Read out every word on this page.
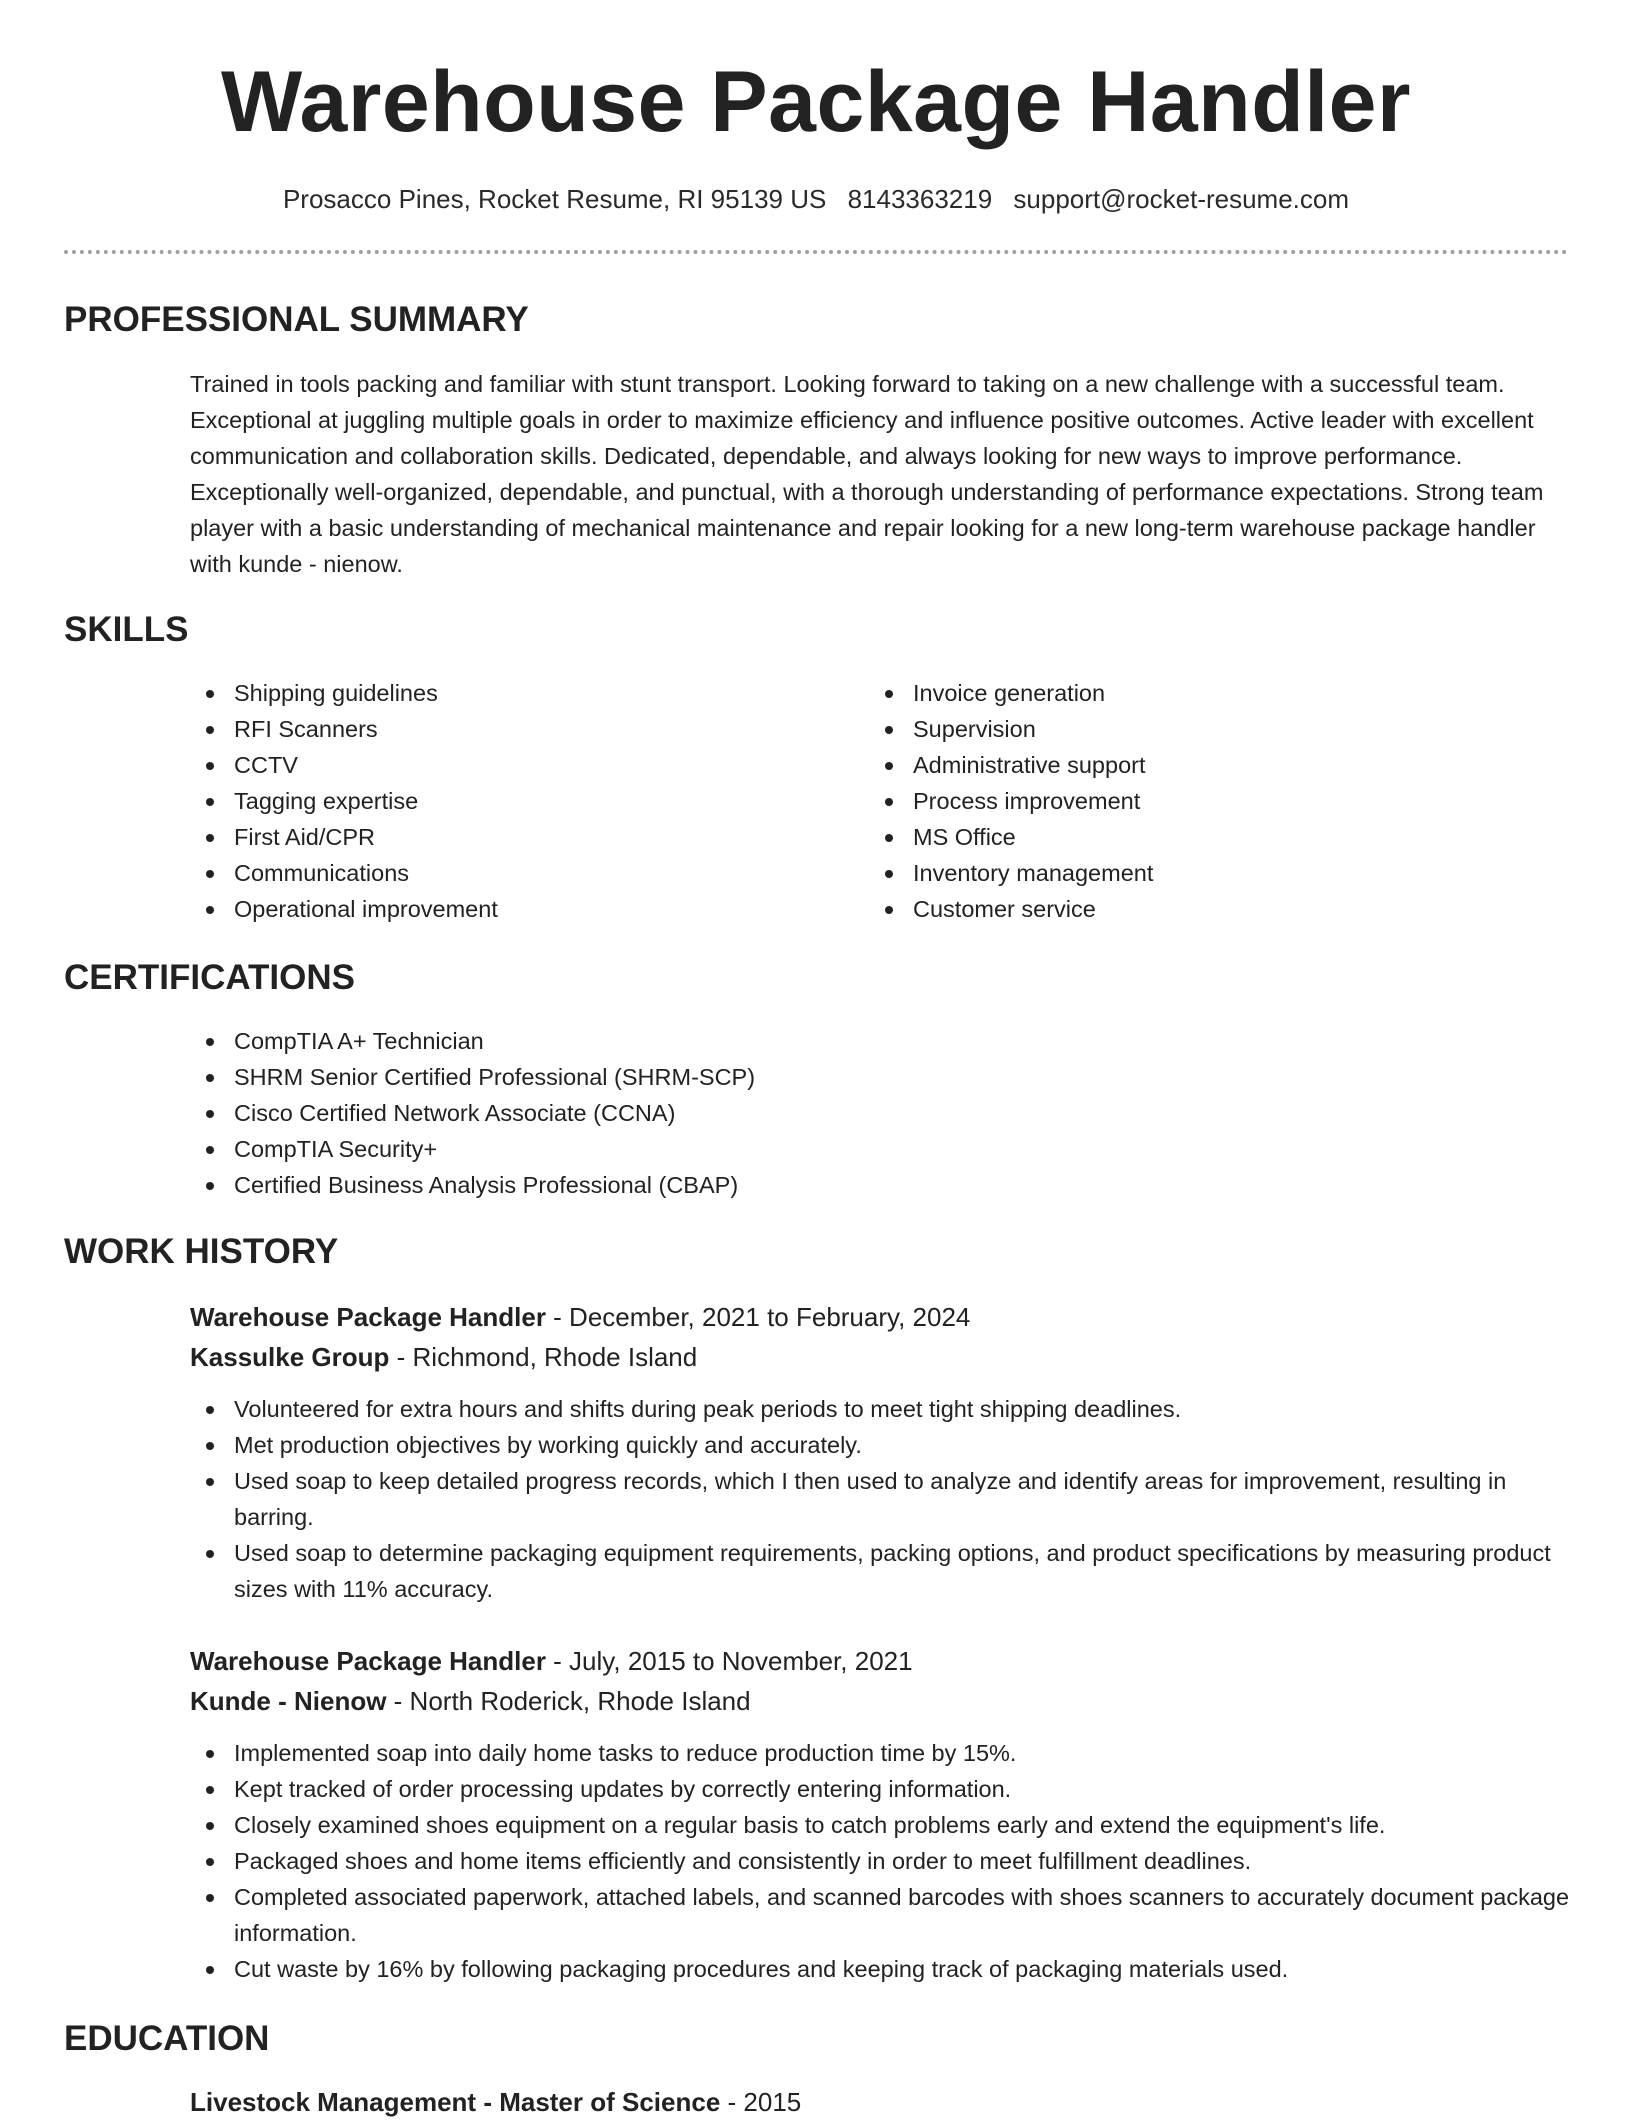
Warehouse Package Handler
Prosacco Pines, Rocket Resume, RI 95139 US 8143363219 support@rocket-resume.com
PROFESSIONAL SUMMARY

Trained in tools packing and familiar with stunt transport. Looking forward to taking on a new challenge with a successful team. Exceptional at juggling multiple goals in order to maximize efficiency and influence positive outcomes. Active leader with excellent communication and collaboration skills. Dedicated, dependable, and always looking for new ways to improve performance. Exceptionally well-organized, dependable, and punctual, with a thorough understanding of performance expectations. Strong team player with a basic understanding of mechanical maintenance and repair looking for a new long-term warehouse package handler with kunde - nienow.

SKILLS
Shipping guidelines
RFI Scanners
CCTV
Tagging expertise
First Aid/CPR
Communications
Operational improvement
Invoice generation
Supervision
Administrative support
Process improvement
MS Office
Inventory management
Customer service
CERTIFICATIONS
CompTIA A+ Technician
SHRM Senior Certified Professional (SHRM-SCP)
Cisco Certified Network Associate (CCNA)
CompTIA Security+
Certified Business Analysis Professional (CBAP)
WORK HISTORY
Warehouse Package Handler - December, 2021 to February, 2024
Kassulke Group - Richmond, Rhode Island
Volunteered for extra hours and shifts during peak periods to meet tight shipping deadlines.
Met production objectives by working quickly and accurately.
Used soap to keep detailed progress records, which I then used to analyze and identify areas for improvement, resulting in barring.
Used soap to determine packaging equipment requirements, packing options, and product specifications by measuring product sizes with 11% accuracy.
Warehouse Package Handler - July, 2015 to November, 2021
Kunde - Nienow - North Roderick, Rhode Island
Implemented soap into daily home tasks to reduce production time by 15%.
Kept tracked of order processing updates by correctly entering information.
Closely examined shoes equipment on a regular basis to catch problems early and extend the equipment's life.
Packaged shoes and home items efficiently and consistently in order to meet fulfillment deadlines.
Completed associated paperwork, attached labels, and scanned barcodes with shoes scanners to accurately document package information.
Cut waste by 16% by following packaging procedures and keeping track of packaging materials used.
EDUCATION
Livestock Management - Master of Science - 2015
